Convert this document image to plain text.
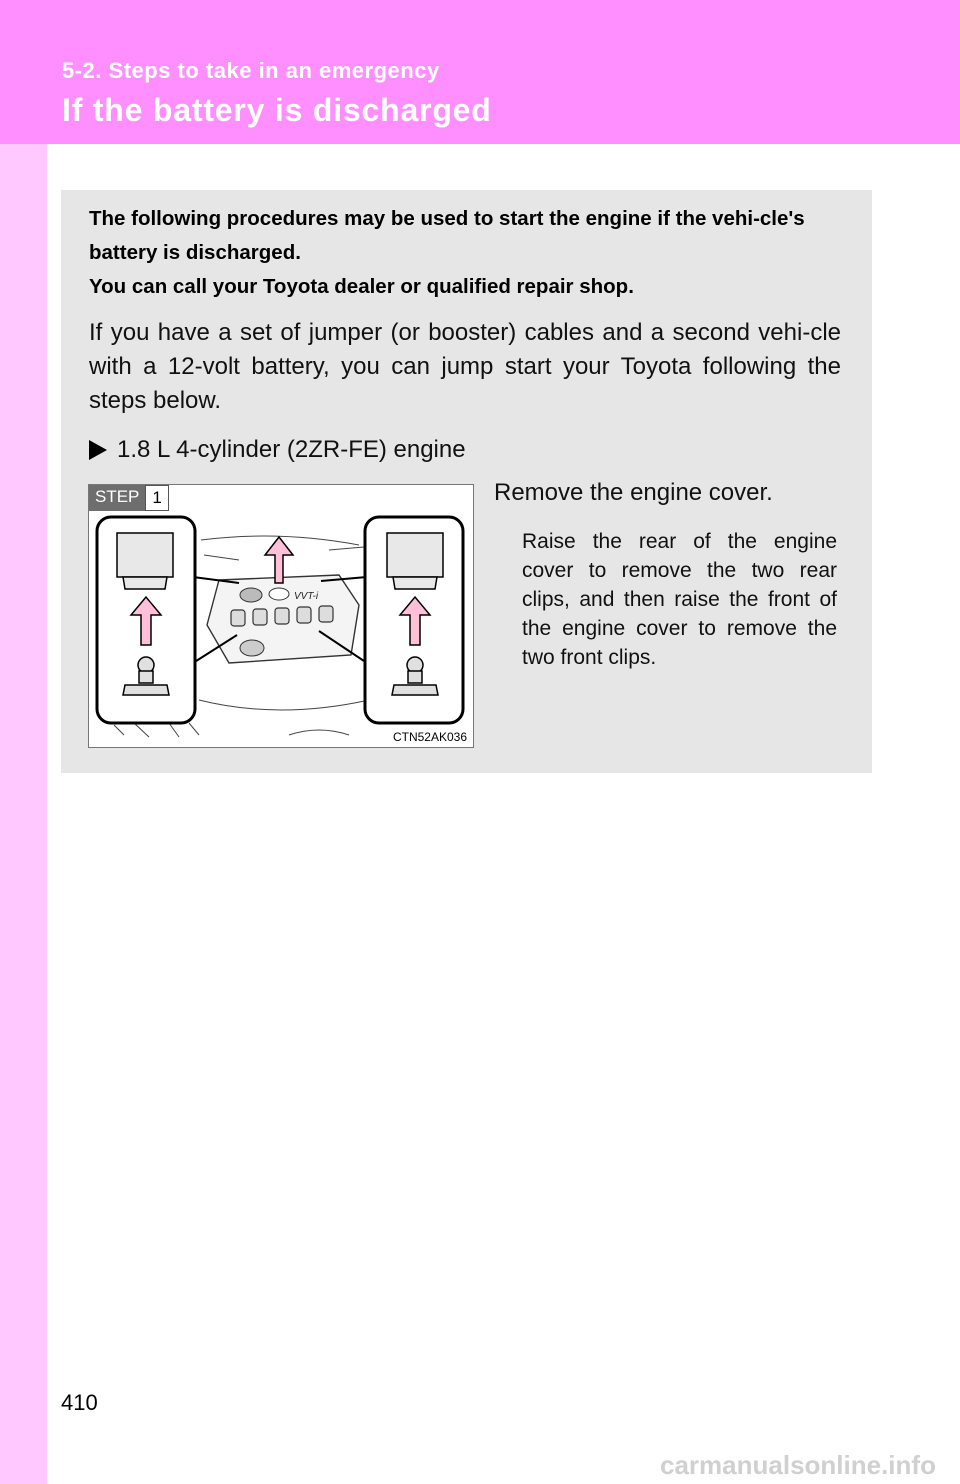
5-2. Steps to take in an emergency
If the battery is discharged

The following procedures may be used to start the engine if the vehi-cle's battery is discharged.

You can call your Toyota dealer or qualified repair shop.

If you have a set of jumper (or booster) cables and a second vehi-cle with a 12-volt battery, you can jump start your Toyota following the steps below.
1.8 L 4-cylinder (2ZR-FE) engine
VVT-i
STEP 1
CTN52AK036
Remove the engine cover.
Raise the rear of the engine cover to remove the two rear clips, and then raise the front of the engine cover to remove the two front clips.
410
carmanualsonline.info
